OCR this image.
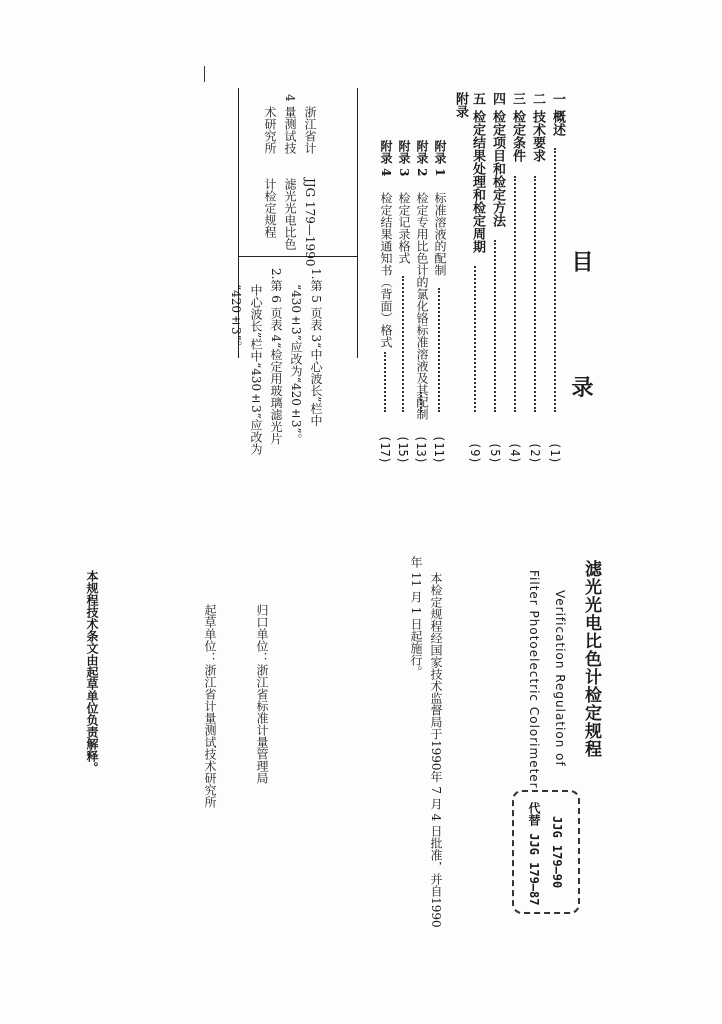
目 录
一
概述
(1)
二
技术要求
(2)
三
检定条件
(4)
四
检定项目和检定方法
(5)
五
检定结果处理和检定周期
(9)
附录
附录 1
标准溶液的配制
(11)
附录 2
检定专用比色计的氯化铬标准溶液及其配制
(13)
附录 3
检定记录格式
(15)
附录 4
检定结果通知书（背面）格式
(17)
4
浙江省计
量测试技
术研究所
JJG 179—1990
滤光光电比色
计检定规程
1.第 5 页表 3“中心波长”栏中
“430±3”应改为“420±3”。
2.第 6 页表 4“检定用玻璃滤光片
中心波长”栏中“430±3”应改为
“420±3”。
滤光光电比色计检定规程
Verification Regulation of
Filter Photoelectric Colorimeter
JJG 179—90
代替 JJG 179—87
本检定规程经国家技术监督局于1990年 7 月 4 日批准，并自1990
年 11 月 1 日起施行。
归口单位：浙江省标准计量管理局
起草单位：浙江省计量测试技术研究所
本规程技术条文由起草单位负责解释。
